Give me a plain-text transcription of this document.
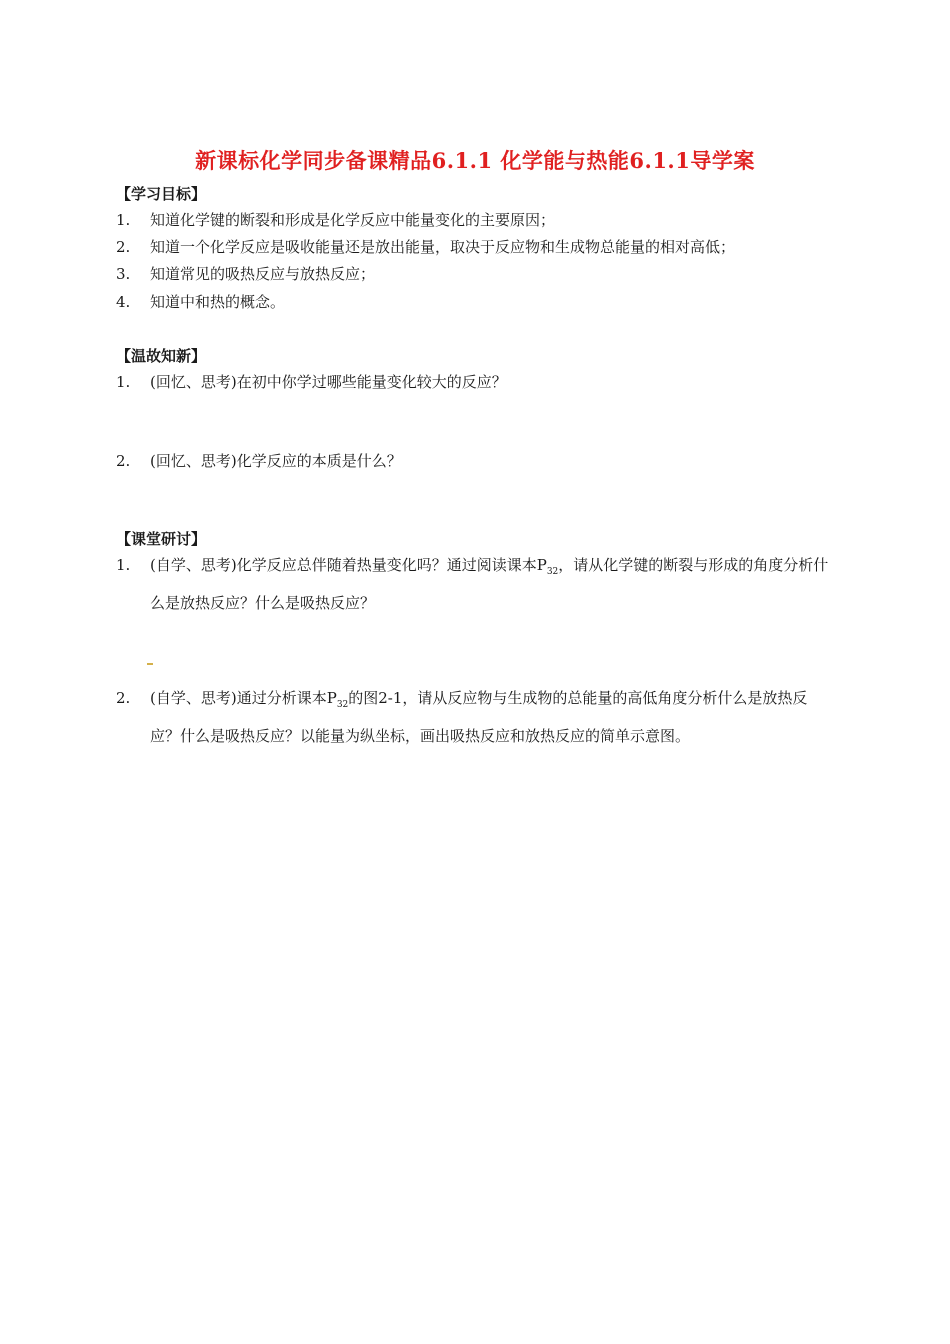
新课标化学同步备课精品6.1.1 化学能与热能6.1.1导学案
【学习目标】
1.	知道化学键的断裂和形成是化学反应中能量变化的主要原因；
2.	知道一个化学反应是吸收能量还是放出能量，取决于反应物和生成物总能量的相对高低；
3.	知道常见的吸热反应与放热反应；
4.	知道中和热的概念。
【温故知新】
1.	(回忆、思考)在初中你学过哪些能量变化较大的反应？
2.	(回忆、思考)化学反应的本质是什么？
【课堂研讨】
1.	(自学、思考)化学反应总伴随着热量变化吗？通过阅读课本$P_{32}$，请从化学键的断裂与形成的角度分析什么是放热反应？什么是吸热反应？
2.	(自学、思考)通过分析课本$P_{32}$的图2-1，请从反应物与生成物的总能量的高低角度分析什么是放热反应？什么是吸热反应？以能量为纵坐标，画出吸热反应和放热反应的简单示意图。
